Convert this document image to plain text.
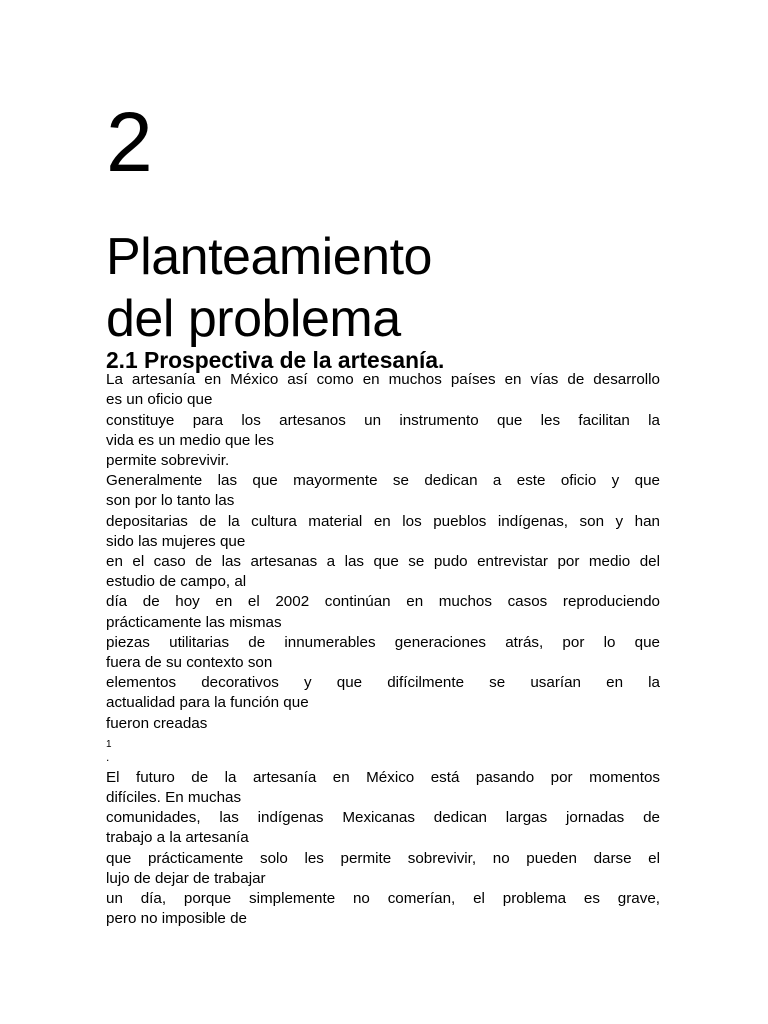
2
Planteamiento
del problema
2.1 Prospectiva de la artesanía.
La artesanía en México así como en muchos países en vías de desarrollo
es un oficio que
constituye para los artesanos un instrumento que les facilitan la
vida es un medio que les
permite sobrevivir.
Generalmente las que mayormente se dedican a este oficio y que
son por lo tanto las
depositarias de la cultura material en los pueblos indígenas, son y han
sido las mujeres que
en el caso de las artesanas a las que se pudo entrevistar por medio del
estudio de campo, al
día de hoy en el 2002 continúan en muchos casos reproduciendo
prácticamente las mismas
piezas utilitarias de innumerables generaciones atrás, por lo que
fuera de su contexto son
elementos decorativos y que difícilmente se usarían en la
actualidad para la función que
fueron creadas
1
.
El futuro de la artesanía en México está pasando por momentos
difíciles. En muchas
comunidades, las indígenas Mexicanas dedican largas jornadas de
trabajo a la artesanía
que prácticamente solo les permite sobrevivir, no pueden darse el
lujo de dejar de trabajar
un día, porque simplemente no comerían, el problema es grave,
pero no imposible de
